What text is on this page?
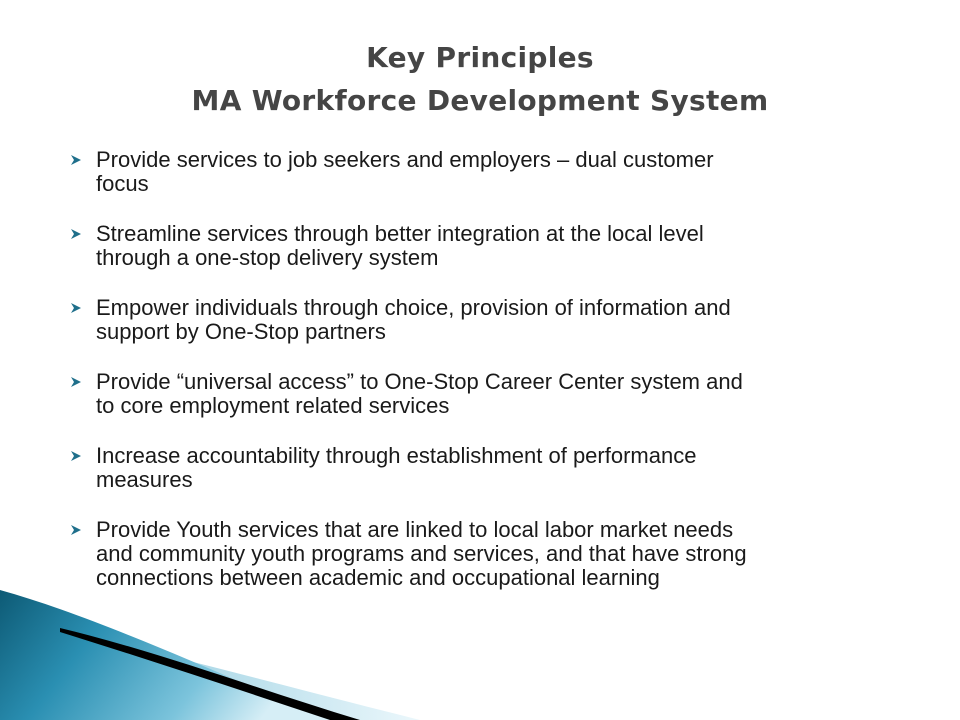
Key Principles
MA Workforce Development System
Provide services to job seekers and employers – dual customer
focus
Streamline services through better integration at the local level
through a one-stop delivery system
Empower individuals through choice, provision of information and
support by One-Stop partners
Provide “universal access” to One-Stop Career Center system and
to core employment related services
Increase accountability through establishment of performance
measures
Provide Youth services that are linked to local labor market needs
and community youth programs and services, and that have strong
connections between academic and occupational learning
